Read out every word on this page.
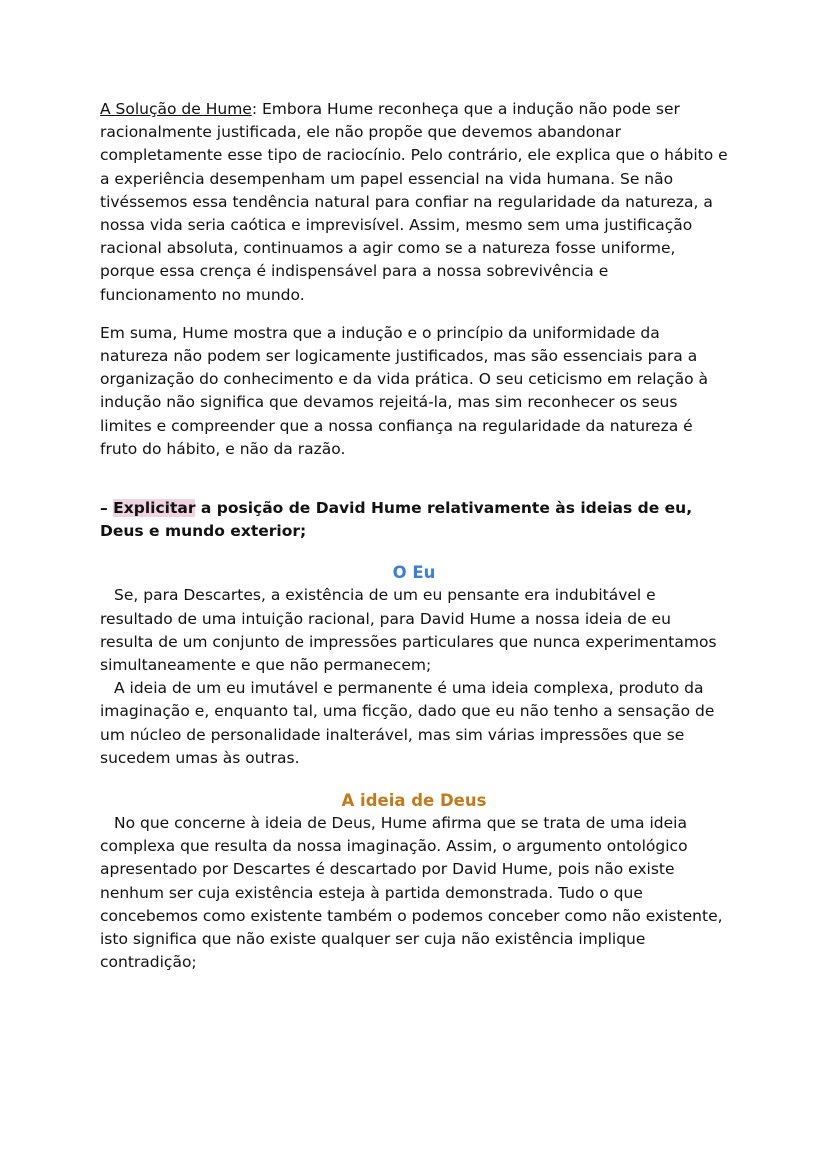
A Solução de Hume: Embora Hume reconheça que a indução não pode ser racionalmente justificada, ele não propõe que devemos abandonar completamente esse tipo de raciocínio. Pelo contrário, ele explica que o hábito e a experiência desempenham um papel essencial na vida humana. Se não tivéssemos essa tendência natural para confiar na regularidade da natureza, a nossa vida seria caótica e imprevisível. Assim, mesmo sem uma justificação racional absoluta, continuamos a agir como se a natureza fosse uniforme, porque essa crença é indispensável para a nossa sobrevivência e funcionamento no mundo.

Em suma, Hume mostra que a indução e o princípio da uniformidade da natureza não podem ser logicamente justificados, mas são essenciais para a organização do conhecimento e da vida prática. O seu ceticismo em relação à indução não significa que devamos rejeitá-la, mas sim reconhecer os seus limites e compreender que a nossa confiança na regularidade da natureza é fruto do hábito, e não da razão.

– Explicitar a posição de David Hume relativamente às ideias de eu, Deus e mundo exterior;

O Eu

Se, para Descartes, a existência de um eu pensante era indubitável e resultado de uma intuição racional, para David Hume a nossa ideia de eu resulta de um conjunto de impressões particulares que nunca experimentamos simultaneamente e que não permanecem;

A ideia de um eu imutável e permanente é uma ideia complexa, produto da imaginação e, enquanto tal, uma ficção, dado que eu não tenho a sensação de um núcleo de personalidade inalterável, mas sim várias impressões que se sucedem umas às outras.

A ideia de Deus

No que concerne à ideia de Deus, Hume afirma que se trata de uma ideia complexa que resulta da nossa imaginação. Assim, o argumento ontológico apresentado por Descartes é descartado por David Hume, pois não existe nenhum ser cuja existência esteja à partida demonstrada. Tudo o que concebemos como existente também o podemos conceber como não existente, isto significa que não existe qualquer ser cuja não existência implique contradição;
